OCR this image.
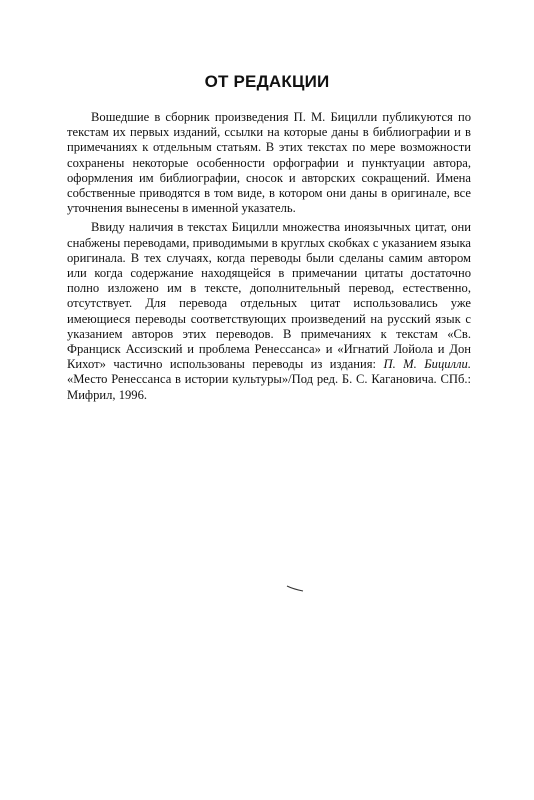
ОТ РЕДАКЦИИ

Вошедшие в сборник произведения П. М. Бицилли публикуются по текстам их первых изданий, ссылки на которые даны в библиографии и в примечаниях к отдельным статьям. В этих текстах по мере возможности сохранены некоторые особенности орфографии и пунктуации автора, оформления им библиографии, сносок и авторских сокращений. Имена собственные приводятся в том виде, в котором они даны в оригинале, все уточнения вынесены в именной указатель.

Ввиду наличия в текстах Бицилли множества иноязычных цитат, они снабжены переводами, приводимыми в круглых скобках с указанием языка оригинала. В тех случаях, когда переводы были сделаны самим автором или когда содержание находящейся в примечании цитаты достаточно полно изложено им в тексте, дополнительный перевод, естественно, отсутствует. Для перевода отдельных цитат использовались уже имеющиеся переводы соответствующих произведений на русский язык с указанием авторов этих переводов. В примечаниях к текстам «Св. Франциск Ассизский и проблема Ренессанса» и «Игнатий Лойола и Дон Кихот» частично использованы переводы из издания: П. М. Бицилли. «Место Ренессанса в истории культуры»/Под ред. Б. С. Кагановича. СПб.: Мифрил, 1996.
